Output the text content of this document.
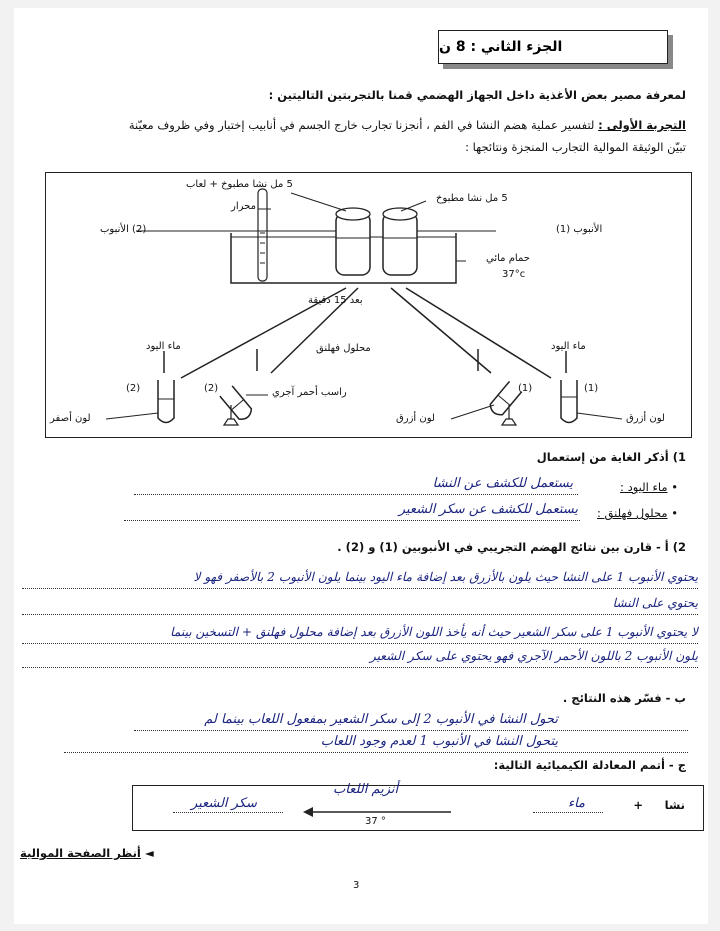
الجزء الثاني : 8 ن
لمعرفة مصير بعض الأغذية داخل الجهاز الهضمي قمنا بالتجربتين التاليتين :
التجربة الأولى : لتفسير عملية هضم النشا في الفم ، أنجزنا تجارب خارج الجسم في أنابيب إختبار وفي ظروف معيّنة
تبيّن الوثيقة الموالية التجارب المنجزة ونتائجها :
5 مل نشا مطبوخ + لعاب
محرار
5 مل نشا مطبوخ
(2) الأنبوب	الأنبوب (1)
حمام مائي
37°c
بعد 15 دقيقة
ماء اليود	محلول فهلنق	ماء اليود
(2)	(2)	(1)	(1)
راسب أحمر آجري
لون أصفر	لون أزرق	لون أزرق
1) أذكر الغاية من إستعمال
• ماء اليود :
يستعمل للكشف عن النشا
• محلول فهلنق :
يستعمل للكشف عن سكر الشعير
2) أ - قارن بين نتائج الهضم التجريبي في الأنبوبين (1) و (2) .
يحتوي الأنبوب 1 على النشا حيث يلون بالأزرق بعد إضافة ماء اليود بينما يلون الأنبوب 2 بالأصفر فهو لا
يحتوي على النشا
لا يحتوي الأنبوب 1 على سكر الشعير حيث أنه يأخذ اللون الأزرق بعد إضافة محلول فهلنق + التسخين بينما
يلون الأنبوب 2 باللون الأحمر الآجري فهو يحتوي على سكر الشعير
ب - فسّر هذه النتائج .
تحول النشا في الأنبوب 2 إلى سكر الشعير بمفعول اللعاب بينما لم
يتحول النشا في الأنبوب 1 لعدم وجود اللعاب
ج - أتمم المعادلة الكيميائية التالية:
نشا
+
ماء
أنزيم اللعاب
37 °
سكر الشعير
◄ أنظر الصفحة الموالية
3
